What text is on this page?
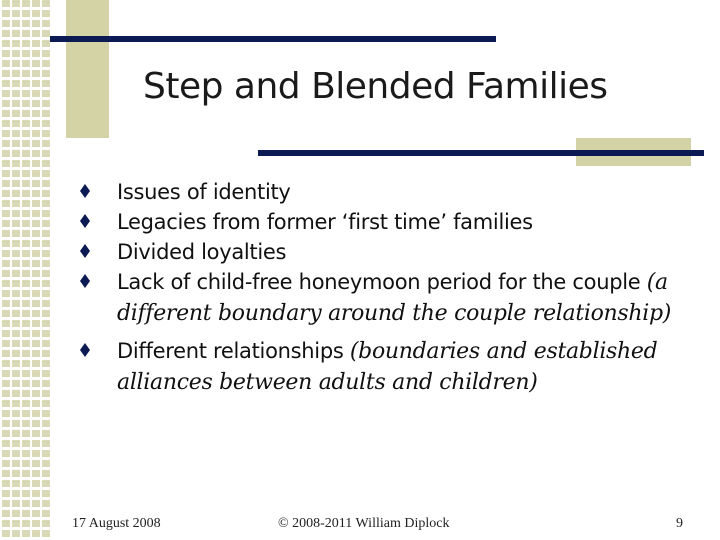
Step and Blended Families
Issues of identity
Legacies from former ‘first time’ families
Divided loyalties
Lack of child-free honeymoon period for the couple (a different boundary around the couple relationship)
Different relationships (boundaries and established alliances between adults and children)
17 August 2008	© 2008-2011 William Diplock	9
